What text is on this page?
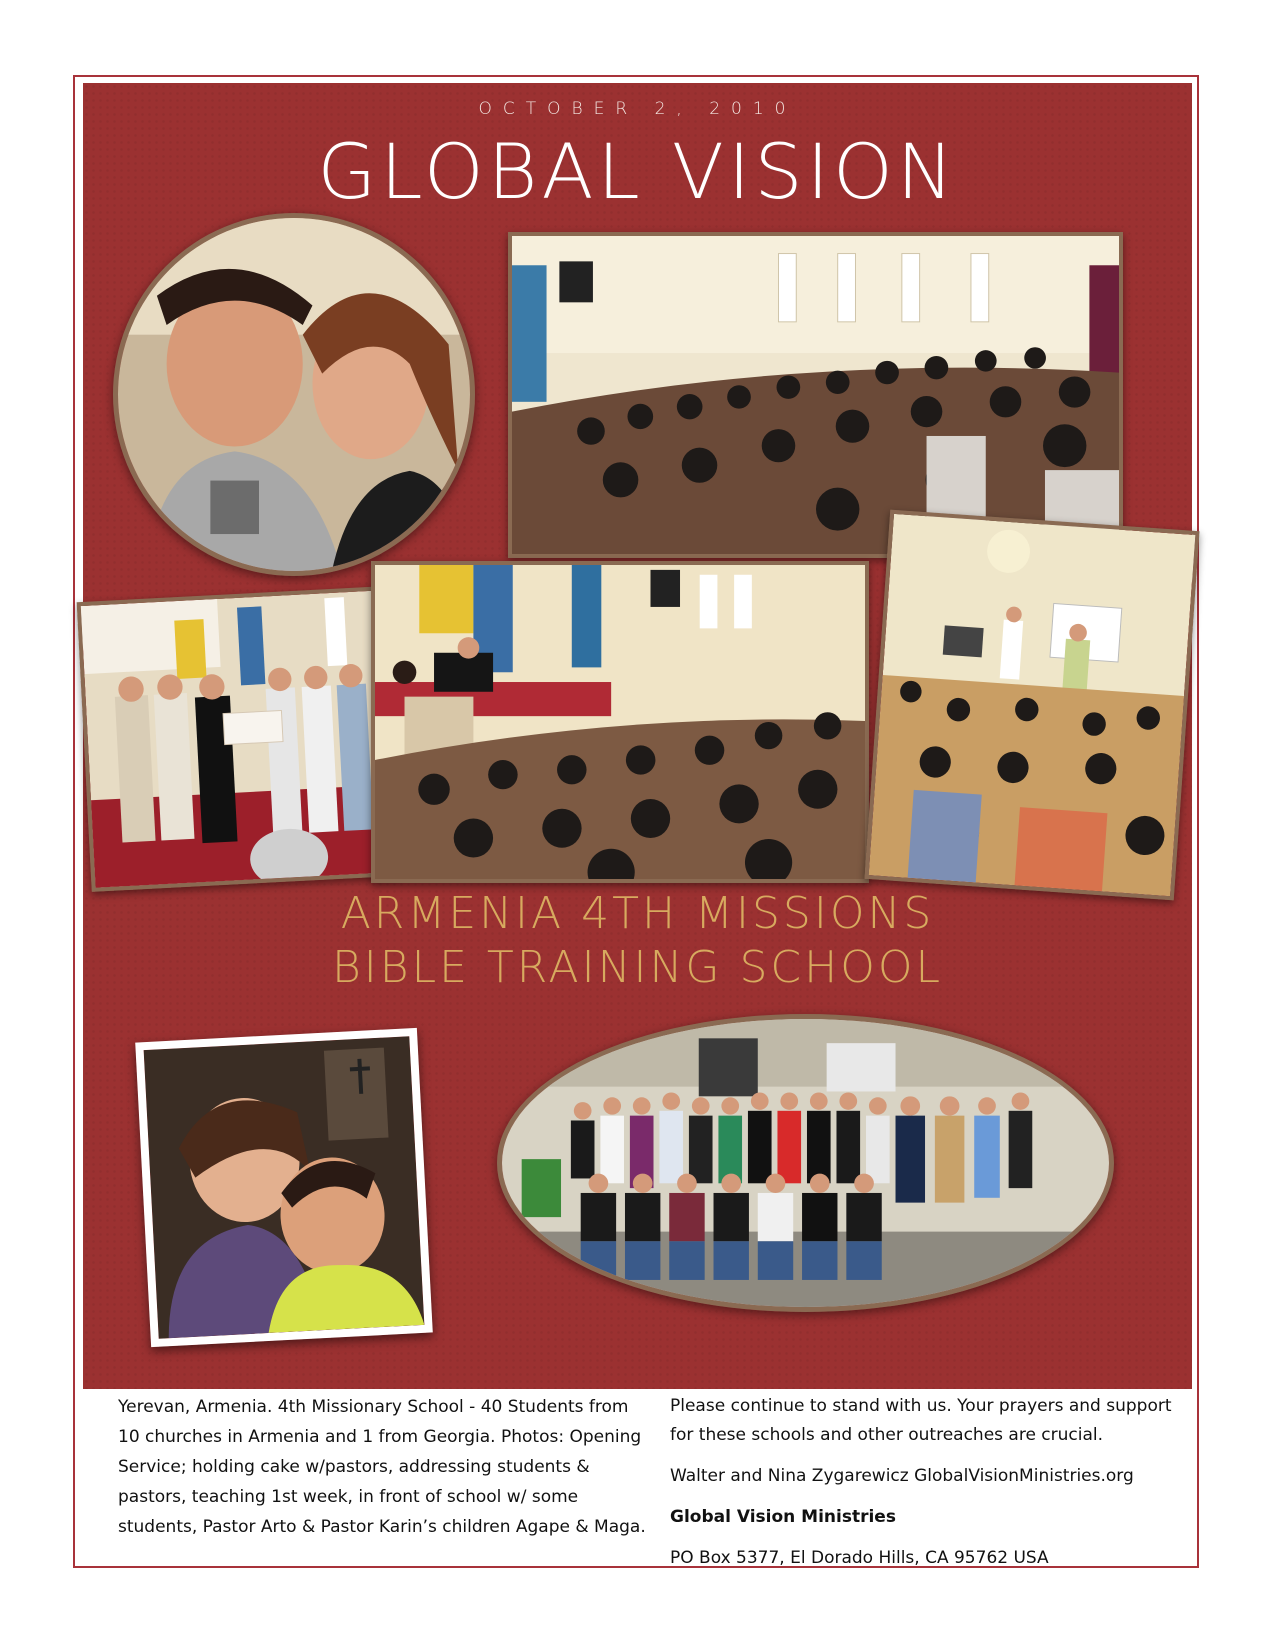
OCTOBER 2, 2010
GLOBAL VISION
ARMENIA 4TH MISSIONS
BIBLE TRAINING SCHOOL
Yerevan, Armenia. 4th Missionary School - 40 Students from 10 churches in Armenia and 1 from Georgia. Photos: Opening Service; holding cake w/pastors, addressing students & pastors, teaching 1st week, in front of school w/ some students, Pastor Arto & Pastor Karin’s children Agape & Maga.

Please continue to stand with us. Your prayers and support for these schools and other outreaches are crucial.

Walter and Nina Zygarewicz GlobalVisionMinistries.org

Global Vision Ministries

PO Box 5377, El Dorado Hills, CA 95762 USA
